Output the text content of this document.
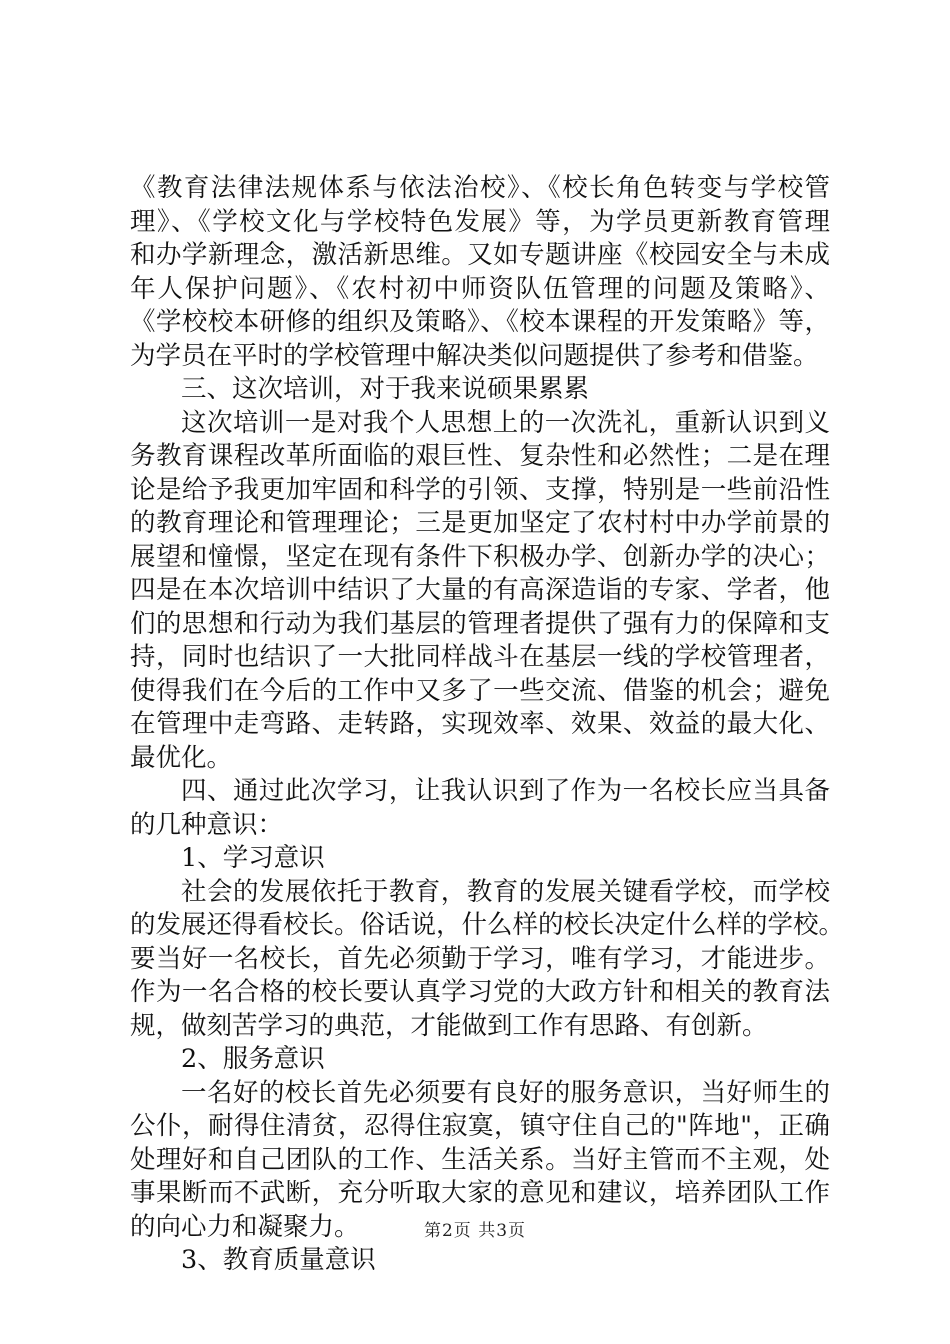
《教育法律法规体系与依法治校》、《校长角色转变与学校管
理》、《学校文化与学校特色发展》等，为学员更新教育管理
和办学新理念，激活新思维。又如专题讲座《校园安全与未成
年人保护问题》、《农村初中师资队伍管理的问题及策略》、
《学校校本研修的组织及策略》、《校本课程的开发策略》等，
为学员在平时的学校管理中解决类似问题提供了参考和借鉴。
三、这次培训，对于我来说硕果累累
这次培训一是对我个人思想上的一次洗礼，重新认识到义
务教育课程改革所面临的艰巨性、复杂性和必然性；二是在理
论是给予我更加牢固和科学的引领、支撑，特别是一些前沿性
的教育理论和管理理论；三是更加坚定了农村村中办学前景的
展望和憧憬，坚定在现有条件下积极办学、创新办学的决心；
四是在本次培训中结识了大量的有高深造诣的专家、学者，他
们的思想和行动为我们基层的管理者提供了强有力的保障和支
持，同时也结识了一大批同样战斗在基层一线的学校管理者，
使得我们在今后的工作中又多了一些交流、借鉴的机会；避免
在管理中走弯路、走转路，实现效率、效果、效益的最大化、
最优化。
四、通过此次学习，让我认识到了作为一名校长应当具备
的几种意识：
1、学习意识
社会的发展依托于教育，教育的发展关键看学校，而学校
的发展还得看校长。俗话说，什么样的校长决定什么样的学校。
要当好一名校长，首先必须勤于学习，唯有学习，才能进步。
作为一名合格的校长要认真学习党的大政方针和相关的教育法
规，做刻苦学习的典范，才能做到工作有思路、有创新。
2、服务意识
一名好的校长首先必须要有良好的服务意识，当好师生的
公仆，耐得住清贫，忍得住寂寞，镇守住自己的"阵地"，正确
处理好和自己团队的工作、生活关系。当好主管而不主观，处
事果断而不武断，充分听取大家的意见和建议，培养团队工作
的向心力和凝聚力。
3、教育质量意识
第2页 共3页
